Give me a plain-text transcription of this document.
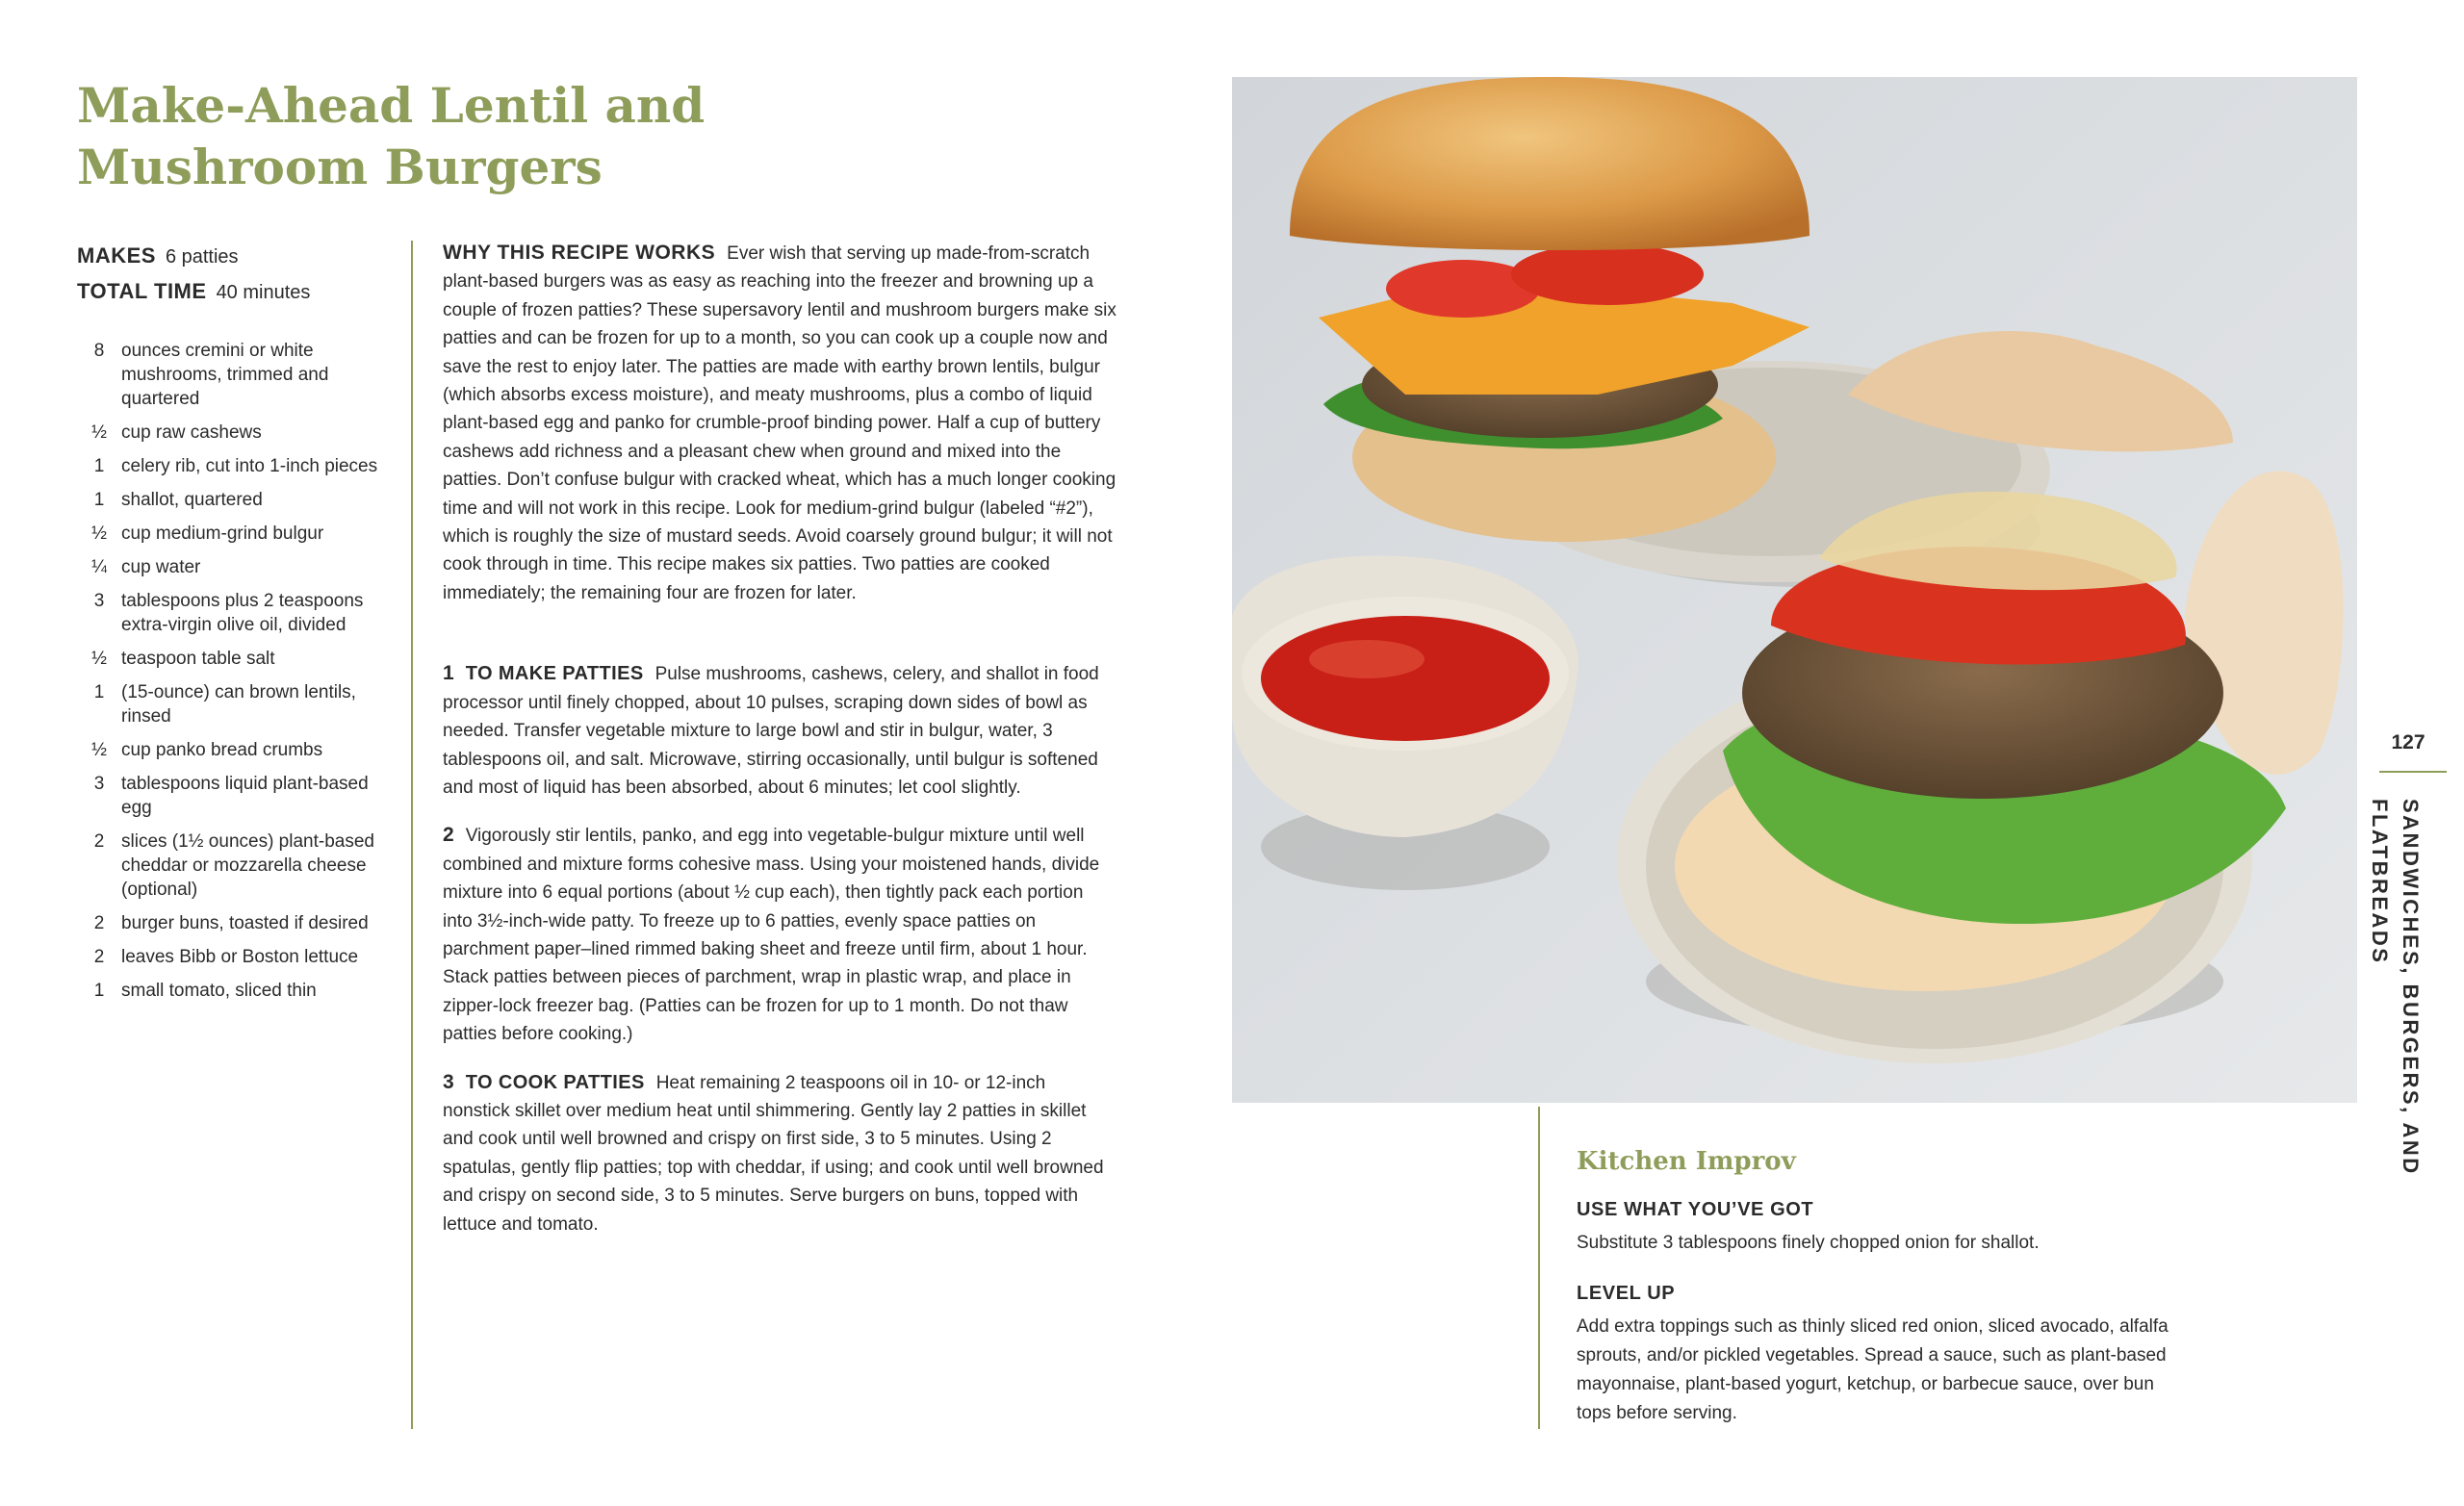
Make-Ahead Lentil and
Mushroom Burgers
MAKES 6 patties
TOTAL TIME 40 minutes
8 ounces cremini or white mushrooms, trimmed and quartered
½ cup raw cashews
1 celery rib, cut into 1-inch pieces
1 shallot, quartered
½ cup medium-grind bulgur
¼ cup water
3 tablespoons plus 2 teaspoons extra-virgin olive oil, divided
½ teaspoon table salt
1 (15-ounce) can brown lentils, rinsed
½ cup panko bread crumbs
3 tablespoons liquid plant-based egg
2 slices (1½ ounces) plant-based cheddar or mozzarella cheese (optional)
2 burger buns, toasted if desired
2 leaves Bibb or Boston lettuce
1 small tomato, sliced thin

WHY THIS RECIPE WORKS Ever wish that serving up made-from-scratch plant-based burgers was as easy as reaching into the freezer and browning up a couple of frozen patties? These supersavory lentil and mushroom burgers make six patties and can be frozen for up to a month, so you can cook up a couple now and save the rest to enjoy later. The patties are made with earthy brown lentils, bulgur (which absorbs excess moisture), and meaty mushrooms, plus a combo of liquid plant-based egg and panko for crumble-proof binding power. Half a cup of buttery cashews add richness and a pleasant chew when ground and mixed into the patties. Don’t confuse bulgur with cracked wheat, which has a much longer cooking time and will not work in this recipe. Look for medium-grind bulgur (labeled “#2”), which is roughly the size of mustard seeds. Avoid coarsely ground bulgur; it will not cook through in time. This recipe makes six patties. Two patties are cooked immediately; the remaining four are frozen for later.

1 TO MAKE PATTIES Pulse mushrooms, cashews, celery, and shallot in food processor until finely chopped, about 10 pulses, scraping down sides of bowl as needed. Transfer vegetable mixture to large bowl and stir in bulgur, water, 3 tablespoons oil, and salt. Microwave, stirring occasionally, until bulgur is softened and most of liquid has been absorbed, about 6 minutes; let cool slightly.

2 Vigorously stir lentils, panko, and egg into vegetable-bulgur mixture until well combined and mixture forms cohesive mass. Using your moistened hands, divide mixture into 6 equal portions (about ½ cup each), then tightly pack each portion into 3½-inch-wide patty. To freeze up to 6 patties, evenly space patties on parchment paper–lined rimmed baking sheet and freeze until firm, about 1 hour. Stack patties between pieces of parchment, wrap in plastic wrap, and place in zipper-lock freezer bag. (Patties can be frozen for up to 1 month. Do not thaw patties before cooking.)

3 TO COOK PATTIES Heat remaining 2 teaspoons oil in 10- or 12-inch nonstick skillet over medium heat until shimmering. Gently lay 2 patties in skillet and cook until well browned and crispy on first side, 3 to 5 minutes. Using 2 spatulas, gently flip patties; top with cheddar, if using; and cook until well browned and crispy on second side, 3 to 5 minutes. Serve burgers on buns, topped with lettuce and tomato.

Kitchen Improv
USE WHAT YOU’VE GOT

Substitute 3 tablespoons finely chopped onion for shallot.

LEVEL UP

Add extra toppings such as thinly sliced red onion, sliced avocado, alfalfa sprouts, and/or pickled vegetables. Spread a sauce, such as plant-based mayonnaise, plant-based yogurt, ketchup, or barbecue sauce, over bun tops before serving.

127
SANDWICHES, BURGERS, AND FLATBREADS
